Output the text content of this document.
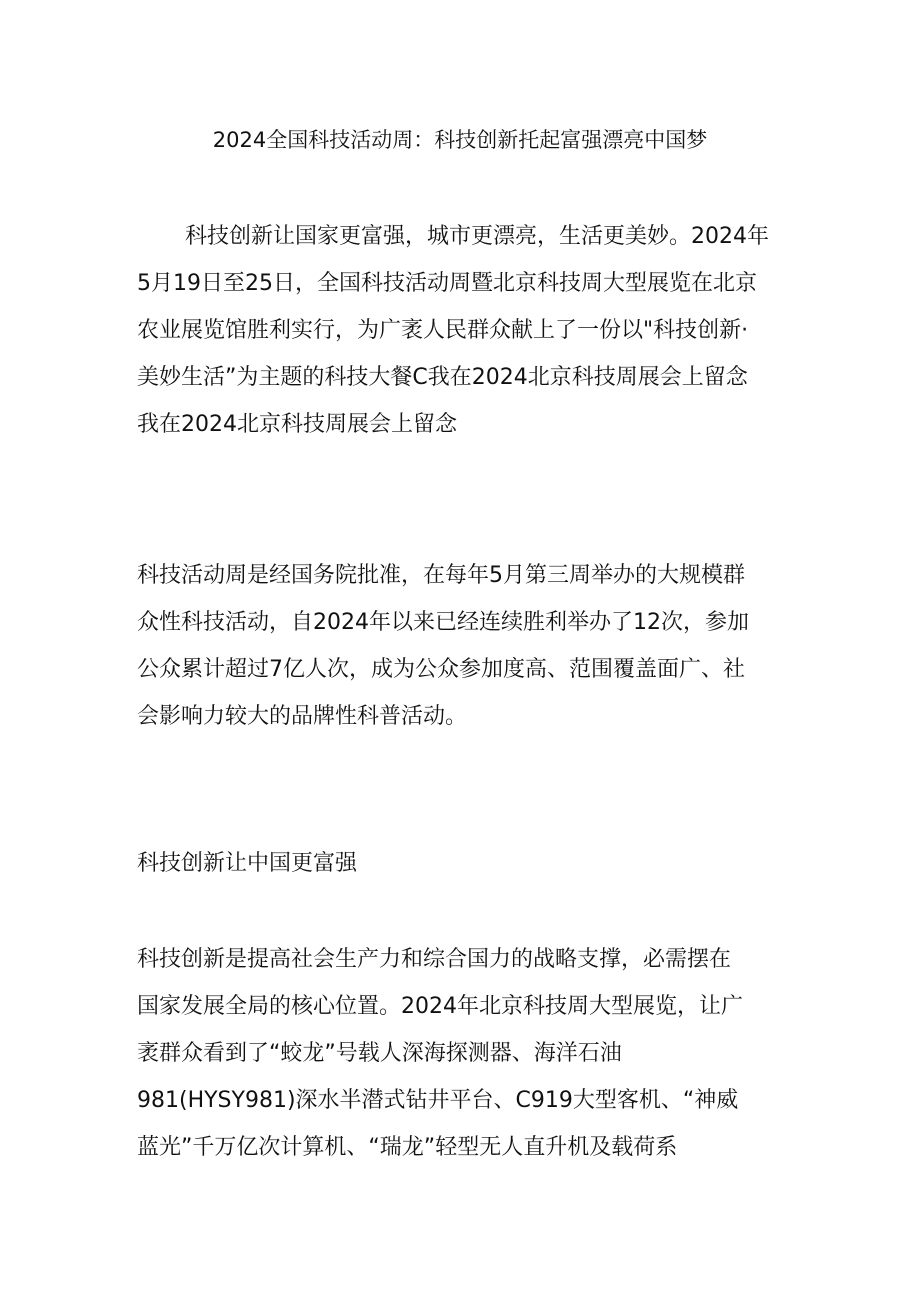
2024全国科技活动周：科技创新托起富强漂亮中国梦
科技创新让国家更富强，城市更漂亮，生活更美妙。2024年
5月19日至25日，全国科技活动周暨北京科技周大型展览在北京
农业展览馆胜利实行，为广袤人民群众献上了一份以"科技创新·
美妙生活”为主题的科技大餐C我在2024北京科技周展会上留念
我在2024北京科技周展会上留念
科技活动周是经国务院批准，在每年5月第三周举办的大规模群
众性科技活动，自2024年以来已经连续胜利举办了12次，参加
公众累计超过7亿人次，成为公众参加度高、范围覆盖面广、社
会影响力较大的品牌性科普活动。
科技创新让中国更富强
科技创新是提高社会生产力和综合国力的战略支撑，必需摆在
国家发展全局的核心位置。2024年北京科技周大型展览，让广
袤群众看到了“蛟龙”号载人深海探测器、海洋石油
981(HYSY981)深水半潜式钻井平台、C919大型客机、“神威
蓝光”千万亿次计算机、“瑞龙”轻型无人直升机及载荷系
